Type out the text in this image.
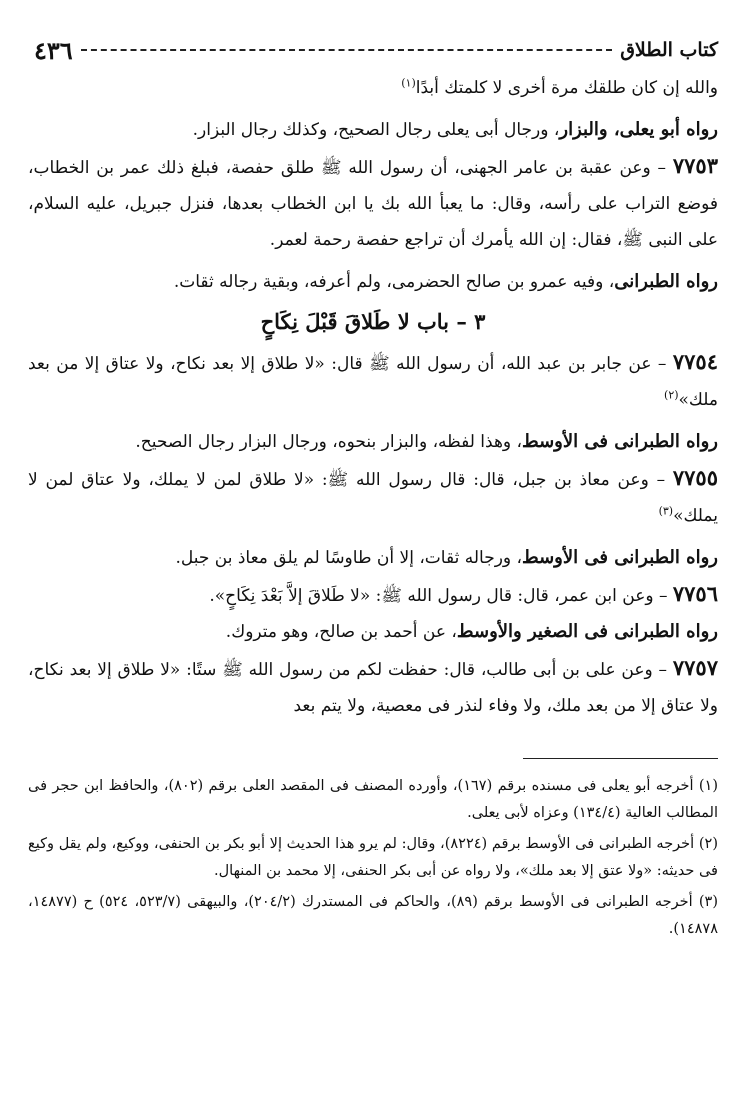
كتاب الطلاق
٤٣٦

والله إن كان طلقك مرة أخرى لا كلمتك أبدًا$^{(١)}$

رواه أبو يعلى، والبزار، ورجال أبى يعلى رجال الصحيح، وكذلك رجال البزار.

٧٧٥٣ – وعن عقبة بن عامر الجهنى، أن رسول الله ﷺ طلق حفصة، فبلغ ذلك عمر بن الخطاب، فوضع التراب على رأسه، وقال: ما يعبأ الله بك يا ابن الخطاب بعدها، فنزل جبريل، عليه السلام، على النبى ﷺ، فقال: إن الله يأمرك أن تراجع حفصة رحمة لعمر.

رواه الطبرانى، وفيه عمرو بن صالح الحضرمى، ولم أعرفه، وبقية رجاله ثقات.

٣ – باب لا طَلاقَ قَبْلَ نِكَاحٍ

٧٧٥٤ – عن جابر بن عبد الله، أن رسول الله ﷺ قال: «لا طلاق إلا بعد نكاح، ولا عتاق إلا من بعد ملك»$^{(٢)}$

رواه الطبرانى فى الأوسط، وهذا لفظه، والبزار بنحوه، ورجال البزار رجال الصحيح.

٧٧٥٥ – وعن معاذ بن جبل، قال: قال رسول الله ﷺ: «لا طلاق لمن لا يملك، ولا عتاق لمن لا يملك»$^{(٣)}$

رواه الطبرانى فى الأوسط، ورجاله ثقات، إلا أن طاوسًا لم يلق معاذ بن جبل.

٧٧٥٦ – وعن ابن عمر، قال: قال رسول الله ﷺ: «لا طَلاقَ إلاَّ بَعْدَ نِكَاحٍ».

رواه الطبرانى فى الصغير والأوسط، عن أحمد بن صالح، وهو متروك.

٧٧٥٧ – وعن على بن أبى طالب، قال: حفظت لكم من رسول الله ﷺ ستًا: «لا طلاق إلا بعد نكاح، ولا عتاق إلا من بعد ملك، ولا وفاء لنذر فى معصية، ولا يتم بعد

(١) أخرجه أبو يعلى فى مسنده برقم (١٦٧)، وأورده المصنف فى المقصد العلى برقم (٨٠٢)، والحافظ ابن حجر فى المطالب العالية (١٣٤/٤) وعزاه لأبى يعلى.

(٢) أخرجه الطبرانى فى الأوسط برقم (٨٢٢٤)، وقال: لم يرو هذا الحديث إلا أبو بكر بن الحنفى، ووكيع، ولم يقل وكيع فى حديثه: «ولا عتق إلا بعد ملك»، ولا رواه عن أبى بكر الحنفى، إلا محمد بن المنهال.

(٣) أخرجه الطبرانى فى الأوسط برقم (٨٩)، والحاكم فى المستدرك (٢٠٤/٢)، والبيهقى (٥٢٣/٧، ٥٢٤) ح (١٤٨٧٧، ١٤٨٧٨).
